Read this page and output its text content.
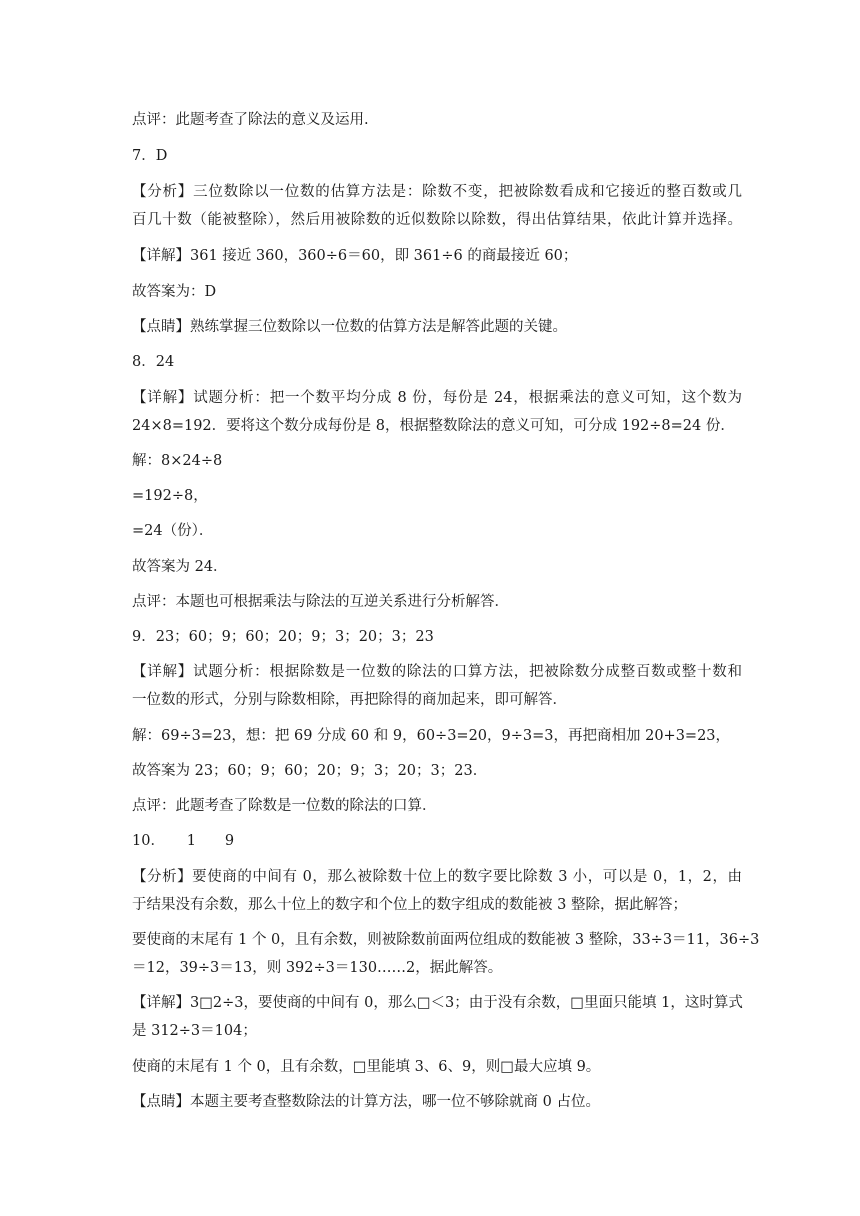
点评：此题考查了除法的意义及运用.
7．D
【分析】三位数除以一位数的估算方法是：除数不变，把被除数看成和它接近的整百数或几
百几十数（能被整除），然后用被除数的近似数除以除数，得出估算结果，依此计算并选择。
【详解】361 接近 360，360÷6＝60，即 361÷6 的商最接近 60；
故答案为：D
【点睛】熟练掌握三位数除以一位数的估算方法是解答此题的关键。
8．24
【详解】试题分析：把一个数平均分成 8 份，每份是 24，根据乘法的意义可知，这个数为
24×8=192．要将这个数分成每份是 8，根据整数除法的意义可知，可分成 192÷8=24 份．
解：8×24÷8
=192÷8，
=24（份）．
故答案为 24．
点评：本题也可根据乘法与除法的互逆关系进行分析解答．
9．23；60；9；60；20；9；3；20；3；23
【详解】试题分析：根据除数是一位数的除法的口算方法，把被除数分成整百数或整十数和
一位数的形式，分别与除数相除，再把除得的商加起来，即可解答．
解：69÷3=23，想：把 69 分成 60 和 9，60÷3=20，9÷3=3，再把商相加 20+3=23，
故答案为 23；60；9；60；20；9；3；20；3；23．
点评：此题考查了除数是一位数的除法的口算．
10．　　1　　9
【分析】要使商的中间有 0，那么被除数十位上的数字要比除数 3 小，可以是 0，1，2，由
于结果没有余数，那么十位上的数字和个位上的数字组成的数能被 3 整除，据此解答；
要使商的末尾有 1 个 0，且有余数，则被除数前面两位组成的数能被 3 整除，33÷3＝11，36÷3
＝12，39÷3＝13，则 392÷3＝130……2，据此解答。
【详解】3□2÷3，要使商的中间有 0，那么□＜3；由于没有余数，□里面只能填 1，这时算式
是 312÷3＝104；
使商的末尾有 1 个 0，且有余数，□里能填 3、6、9，则□最大应填 9。
【点睛】本题主要考查整数除法的计算方法，哪一位不够除就商 0 占位。
